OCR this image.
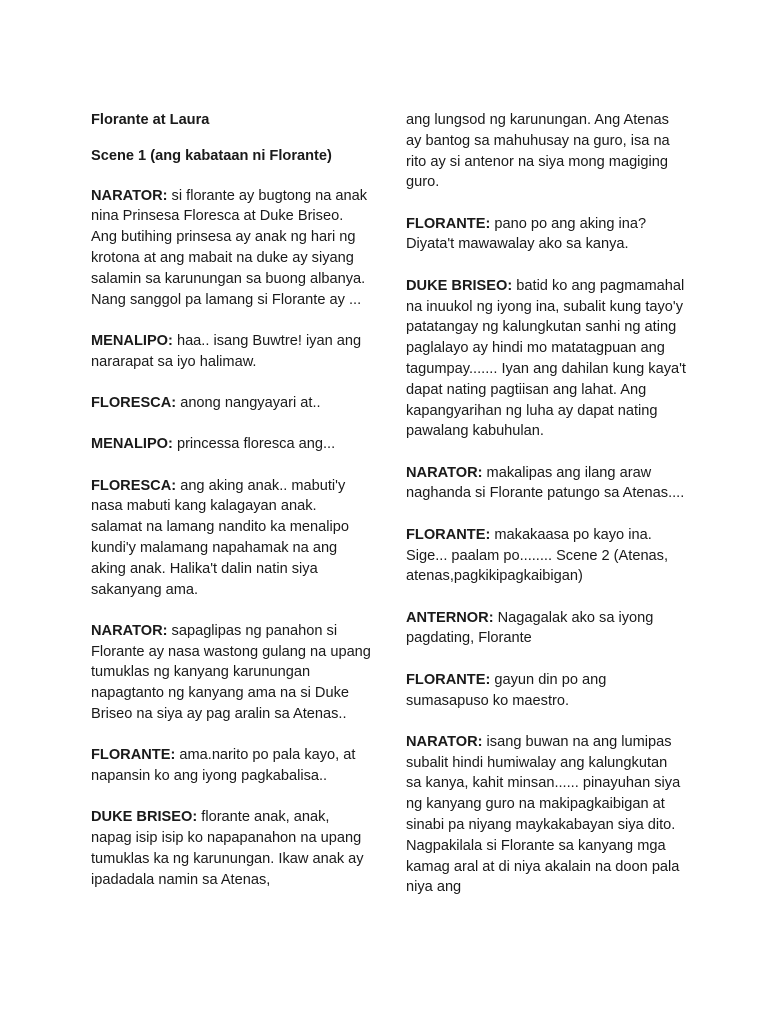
Florante at Laura
Scene 1 (ang kabataan ni Florante)
NARATOR: si florante ay bugtong na anak nina Prinsesa Floresca at Duke Briseo. Ang butihing prinsesa ay anak ng hari ng krotona at ang mabait na duke ay siyang salamin sa karunungan sa buong albanya. Nang sanggol pa lamang si Florante ay ...
MENALIPO: haa.. isang Buwtre! iyan ang nararapat sa iyo halimaw.
FLORESCA: anong nangyayari at..
MENALIPO: princessa floresca ang...
FLORESCA: ang aking anak.. mabuti'y nasa mabuti kang kalagayan anak. salamat na lamang nandito ka menalipo kundi'y malamang napahamak na ang aking anak. Halika't dalin natin siya sakanyang ama.
NARATOR: sapaglipas ng panahon si Florante ay nasa wastong gulang na upang tumuklas ng kanyang karunungan napagtanto ng kanyang ama na si Duke Briseo na siya ay pag aralin sa Atenas..
FLORANTE: ama.narito po pala kayo, at napansin ko ang iyong pagkabalisa..
DUKE BRISEO: florante anak, anak, napag isip isip ko napapanahon na upang tumuklas ka ng karunungan. Ikaw anak ay ipadadala namin sa Atenas,
ang lungsod ng karunungan. Ang Atenas ay bantog sa mahuhusay na guro, isa na rito ay si antenor na siya mong magiging guro.
FLORANTE: pano po ang aking ina? Diyata't mawawalay ako sa kanya.
DUKE BRISEO: batid ko ang pagmamahal na inuukol ng iyong ina, subalit kung tayo'y patatangay ng kalungkutan sanhi ng ating paglalayo ay hindi mo matatagpuan ang tagumpay....... Iyan ang dahilan kung kaya't dapat nating pagtiisan ang lahat. Ang kapangyarihan ng luha ay dapat nating pawalang kabuhulan.
NARATOR: makalipas ang ilang araw naghanda si Florante patungo sa Atenas....
FLORANTE: makakaasa po kayo ina. Sige... paalam po........ Scene 2 (Atenas, atenas,pagkikipagkaibigan)
ANTERNOR: Nagagalak ako sa iyong pagdating, Florante
FLORANTE: gayun din po ang sumasapuso ko maestro.
NARATOR: isang buwan na ang lumipas subalit hindi humiwalay ang kalungkutan sa kanya, kahit minsan...... pinayuhan siya ng kanyang guro na makipagkaibigan at sinabi pa niyang maykakabayan siya dito. Nagpakilala si Florante sa kanyang mga kamag aral at di niya akalain na doon pala niya ang
